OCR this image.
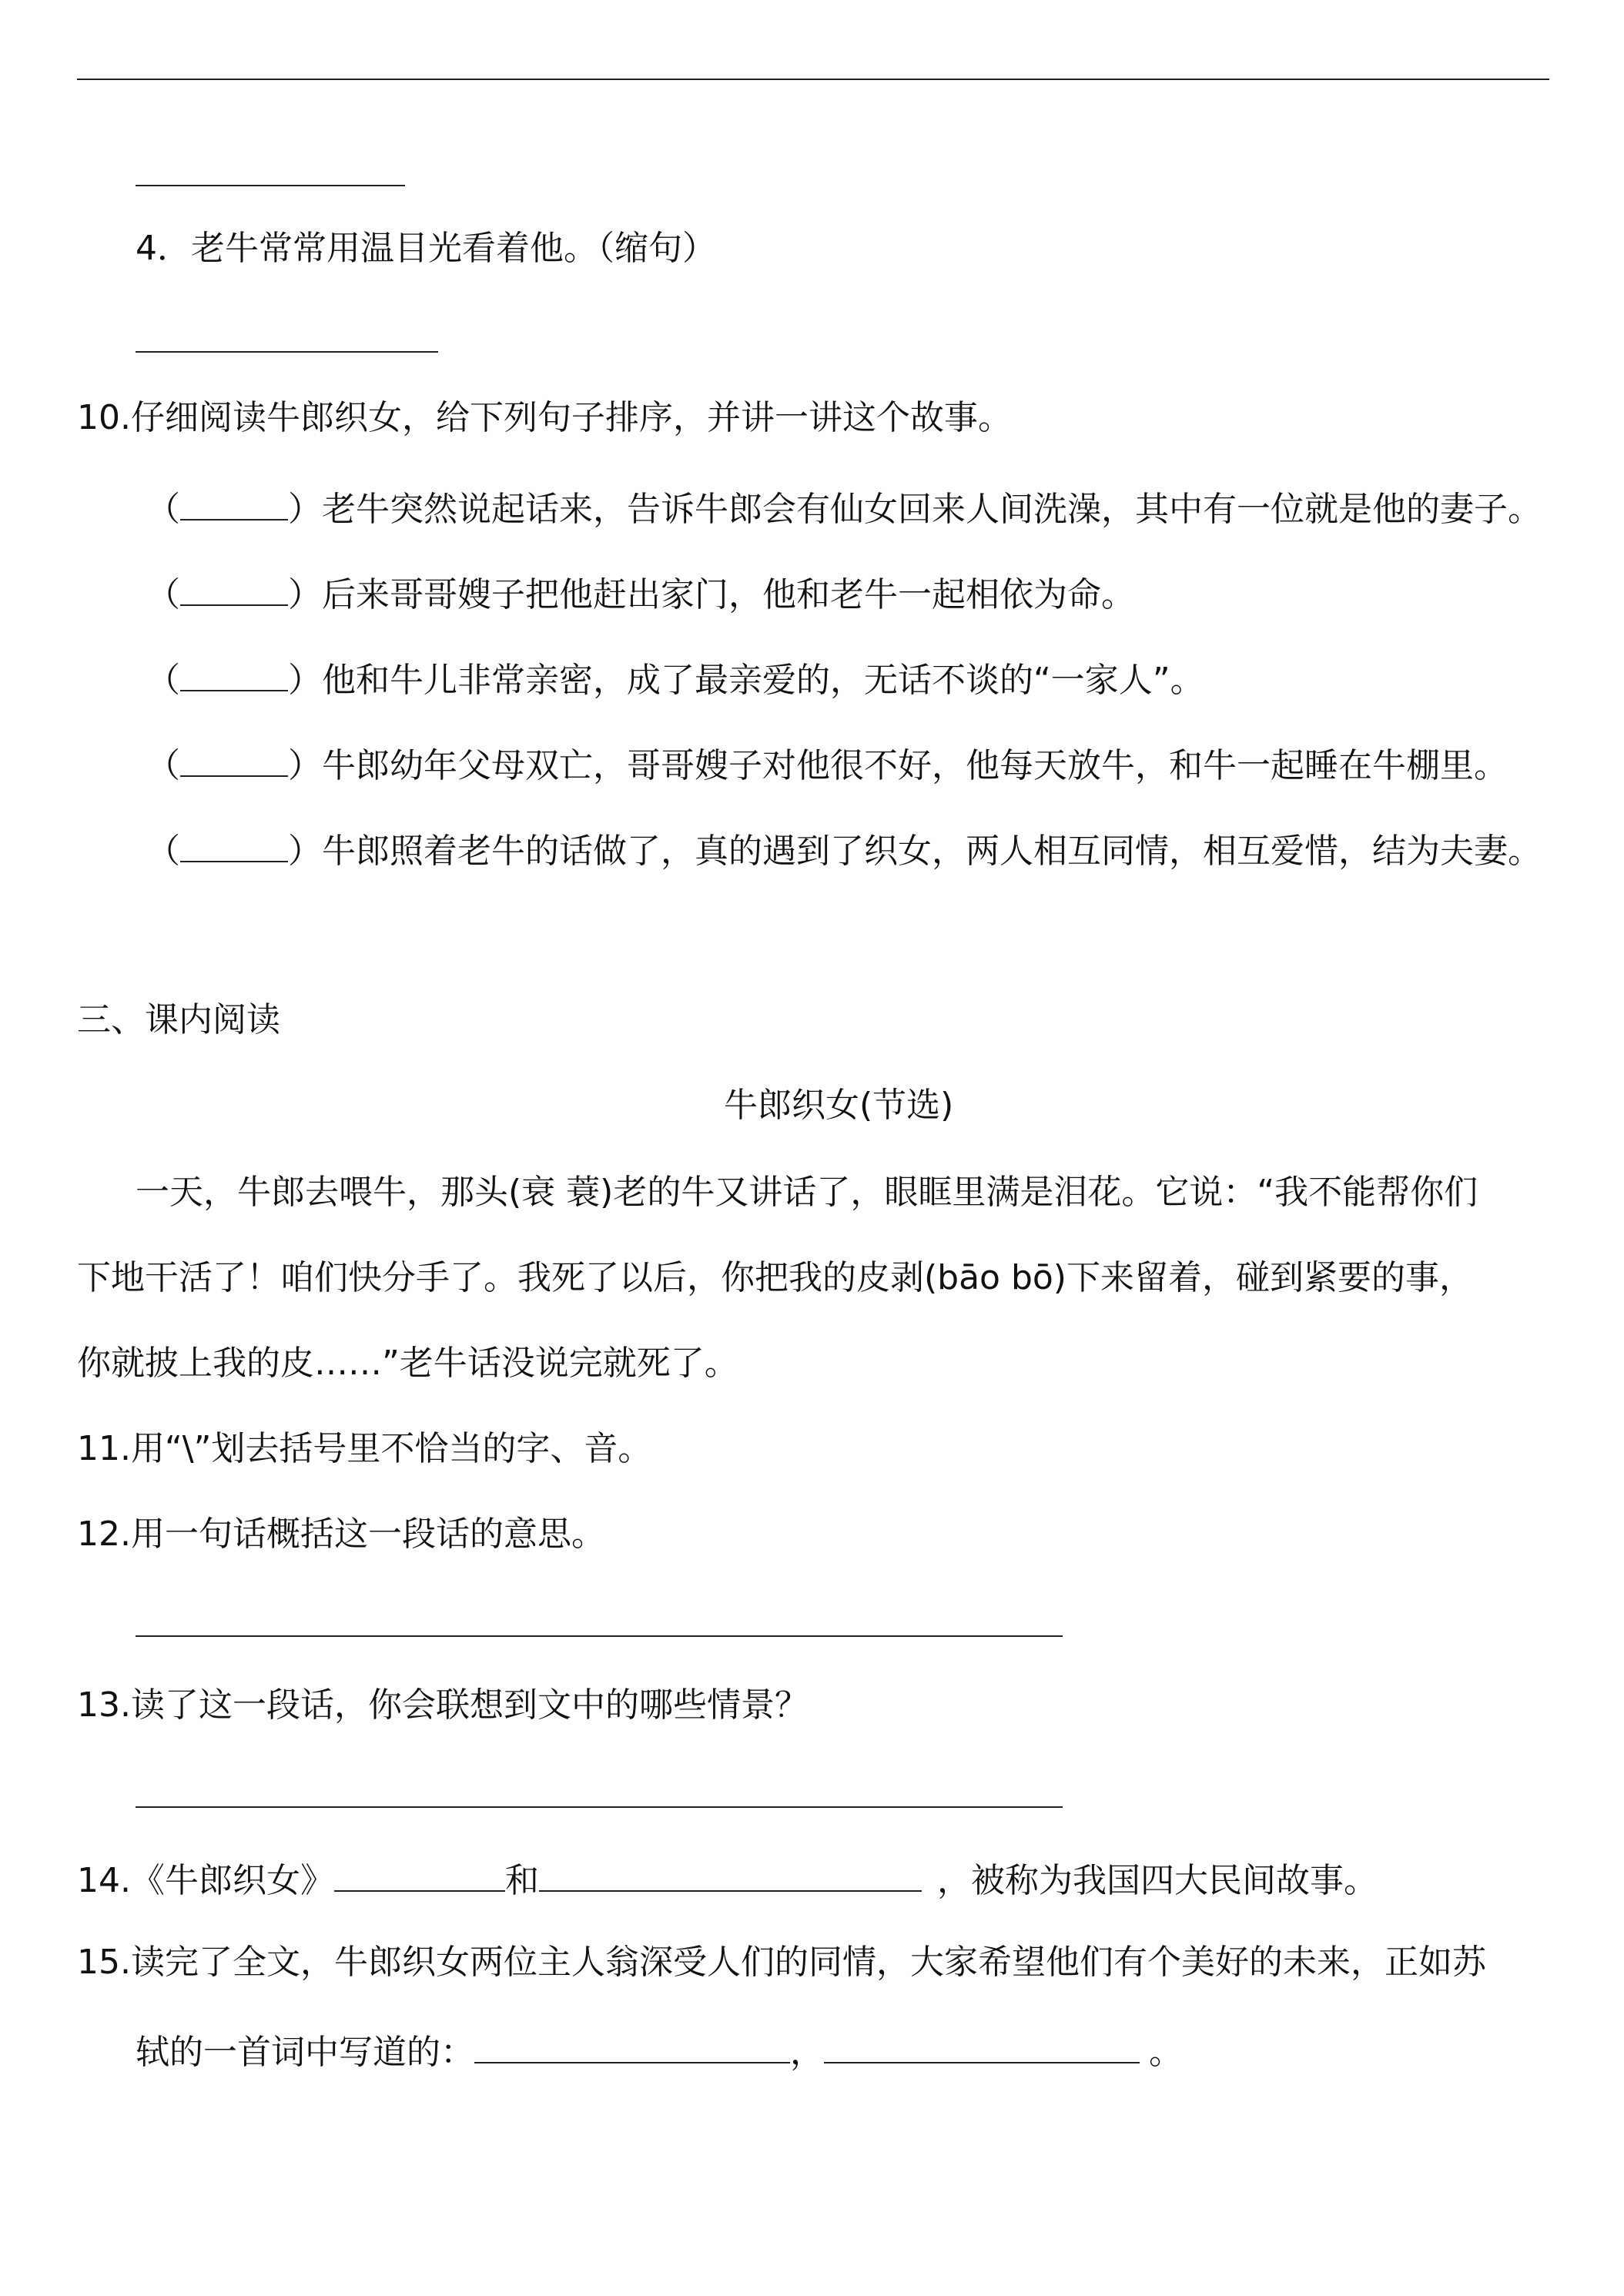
4．老牛常常用温目光看着他。（缩句）
10.仔细阅读牛郎织女，给下列句子排序，并讲一讲这个故事。
（	）老牛突然说起话来，告诉牛郎会有仙女回来人间洗澡，其中有一位就是他的妻子。
（	）后来哥哥嫂子把他赶出家门，他和老牛一起相依为命。
（	）他和牛儿非常亲密，成了最亲爱的，无话不谈的“一家人”。
（	）牛郎幼年父母双亡，哥哥嫂子对他很不好，他每天放牛，和牛一起睡在牛棚里。
（	）牛郎照着老牛的话做了，真的遇到了织女，两人相互同情，相互爱惜，结为夫妻。
三、课内阅读
牛郎织女(节选)
一天，牛郎去喂牛，那头(衰 蓑)老的牛又讲话了，眼眶里满是泪花。它说：“我不能帮你们
下地干活了！咱们快分手了。我死了以后，你把我的皮剥(bāo bō)下来留着，碰到紧要的事，
你就披上我的皮……”老牛话没说完就死了。
11.用“\”划去括号里不恰当的字、音。
12.用一句话概括这一段话的意思。
13.读了这一段话，你会联想到文中的哪些情景？
14.《牛郎织女》	和	，被称为我国四大民间故事。
15.读完了全文，牛郎织女两位主人翁深受人们的同情，大家希望他们有个美好的未来，正如苏
轼的一首词中写道的：	，	。
